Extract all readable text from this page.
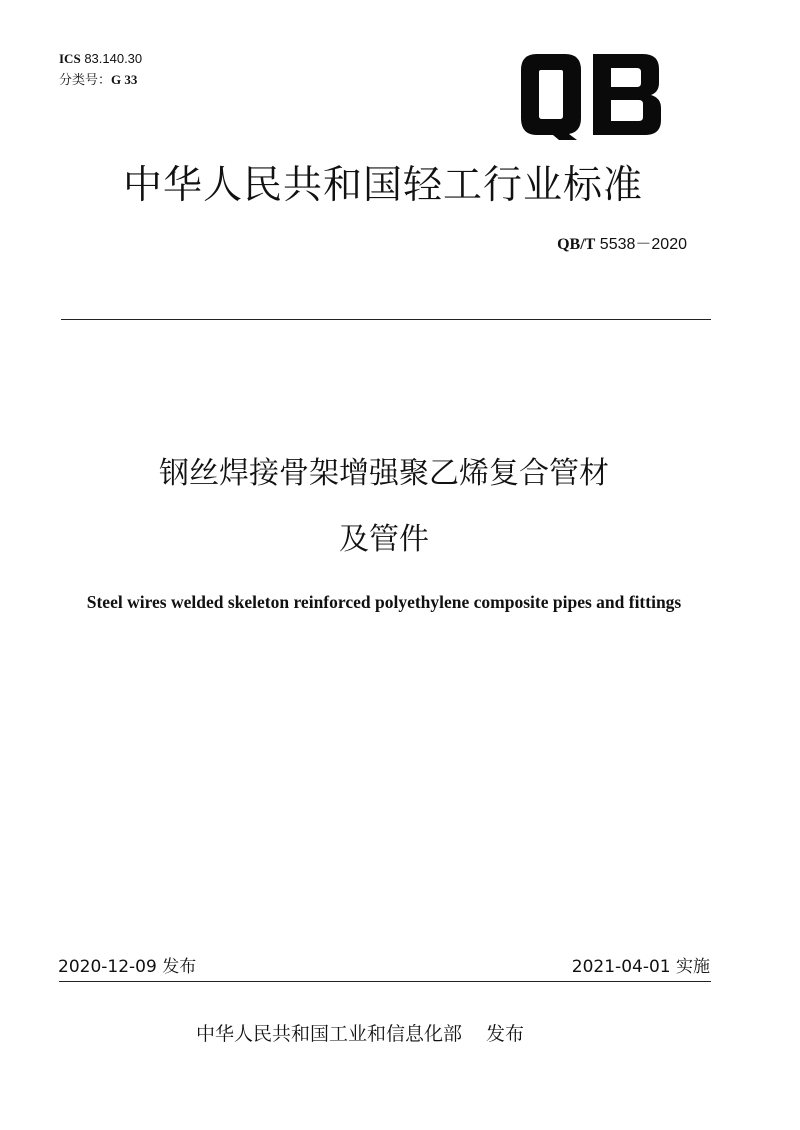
ICS 83.140.30
分类号：G 33
中华人民共和国轻工行业标准
QB/T 5538－2020
钢丝焊接骨架增强聚乙烯复合管材
及管件
Steel wires welded skeleton reinforced polyethylene composite pipes and fittings
2020-12-09 发布	2021-04-01 实施
中华人民共和国工业和信息化部 发布
